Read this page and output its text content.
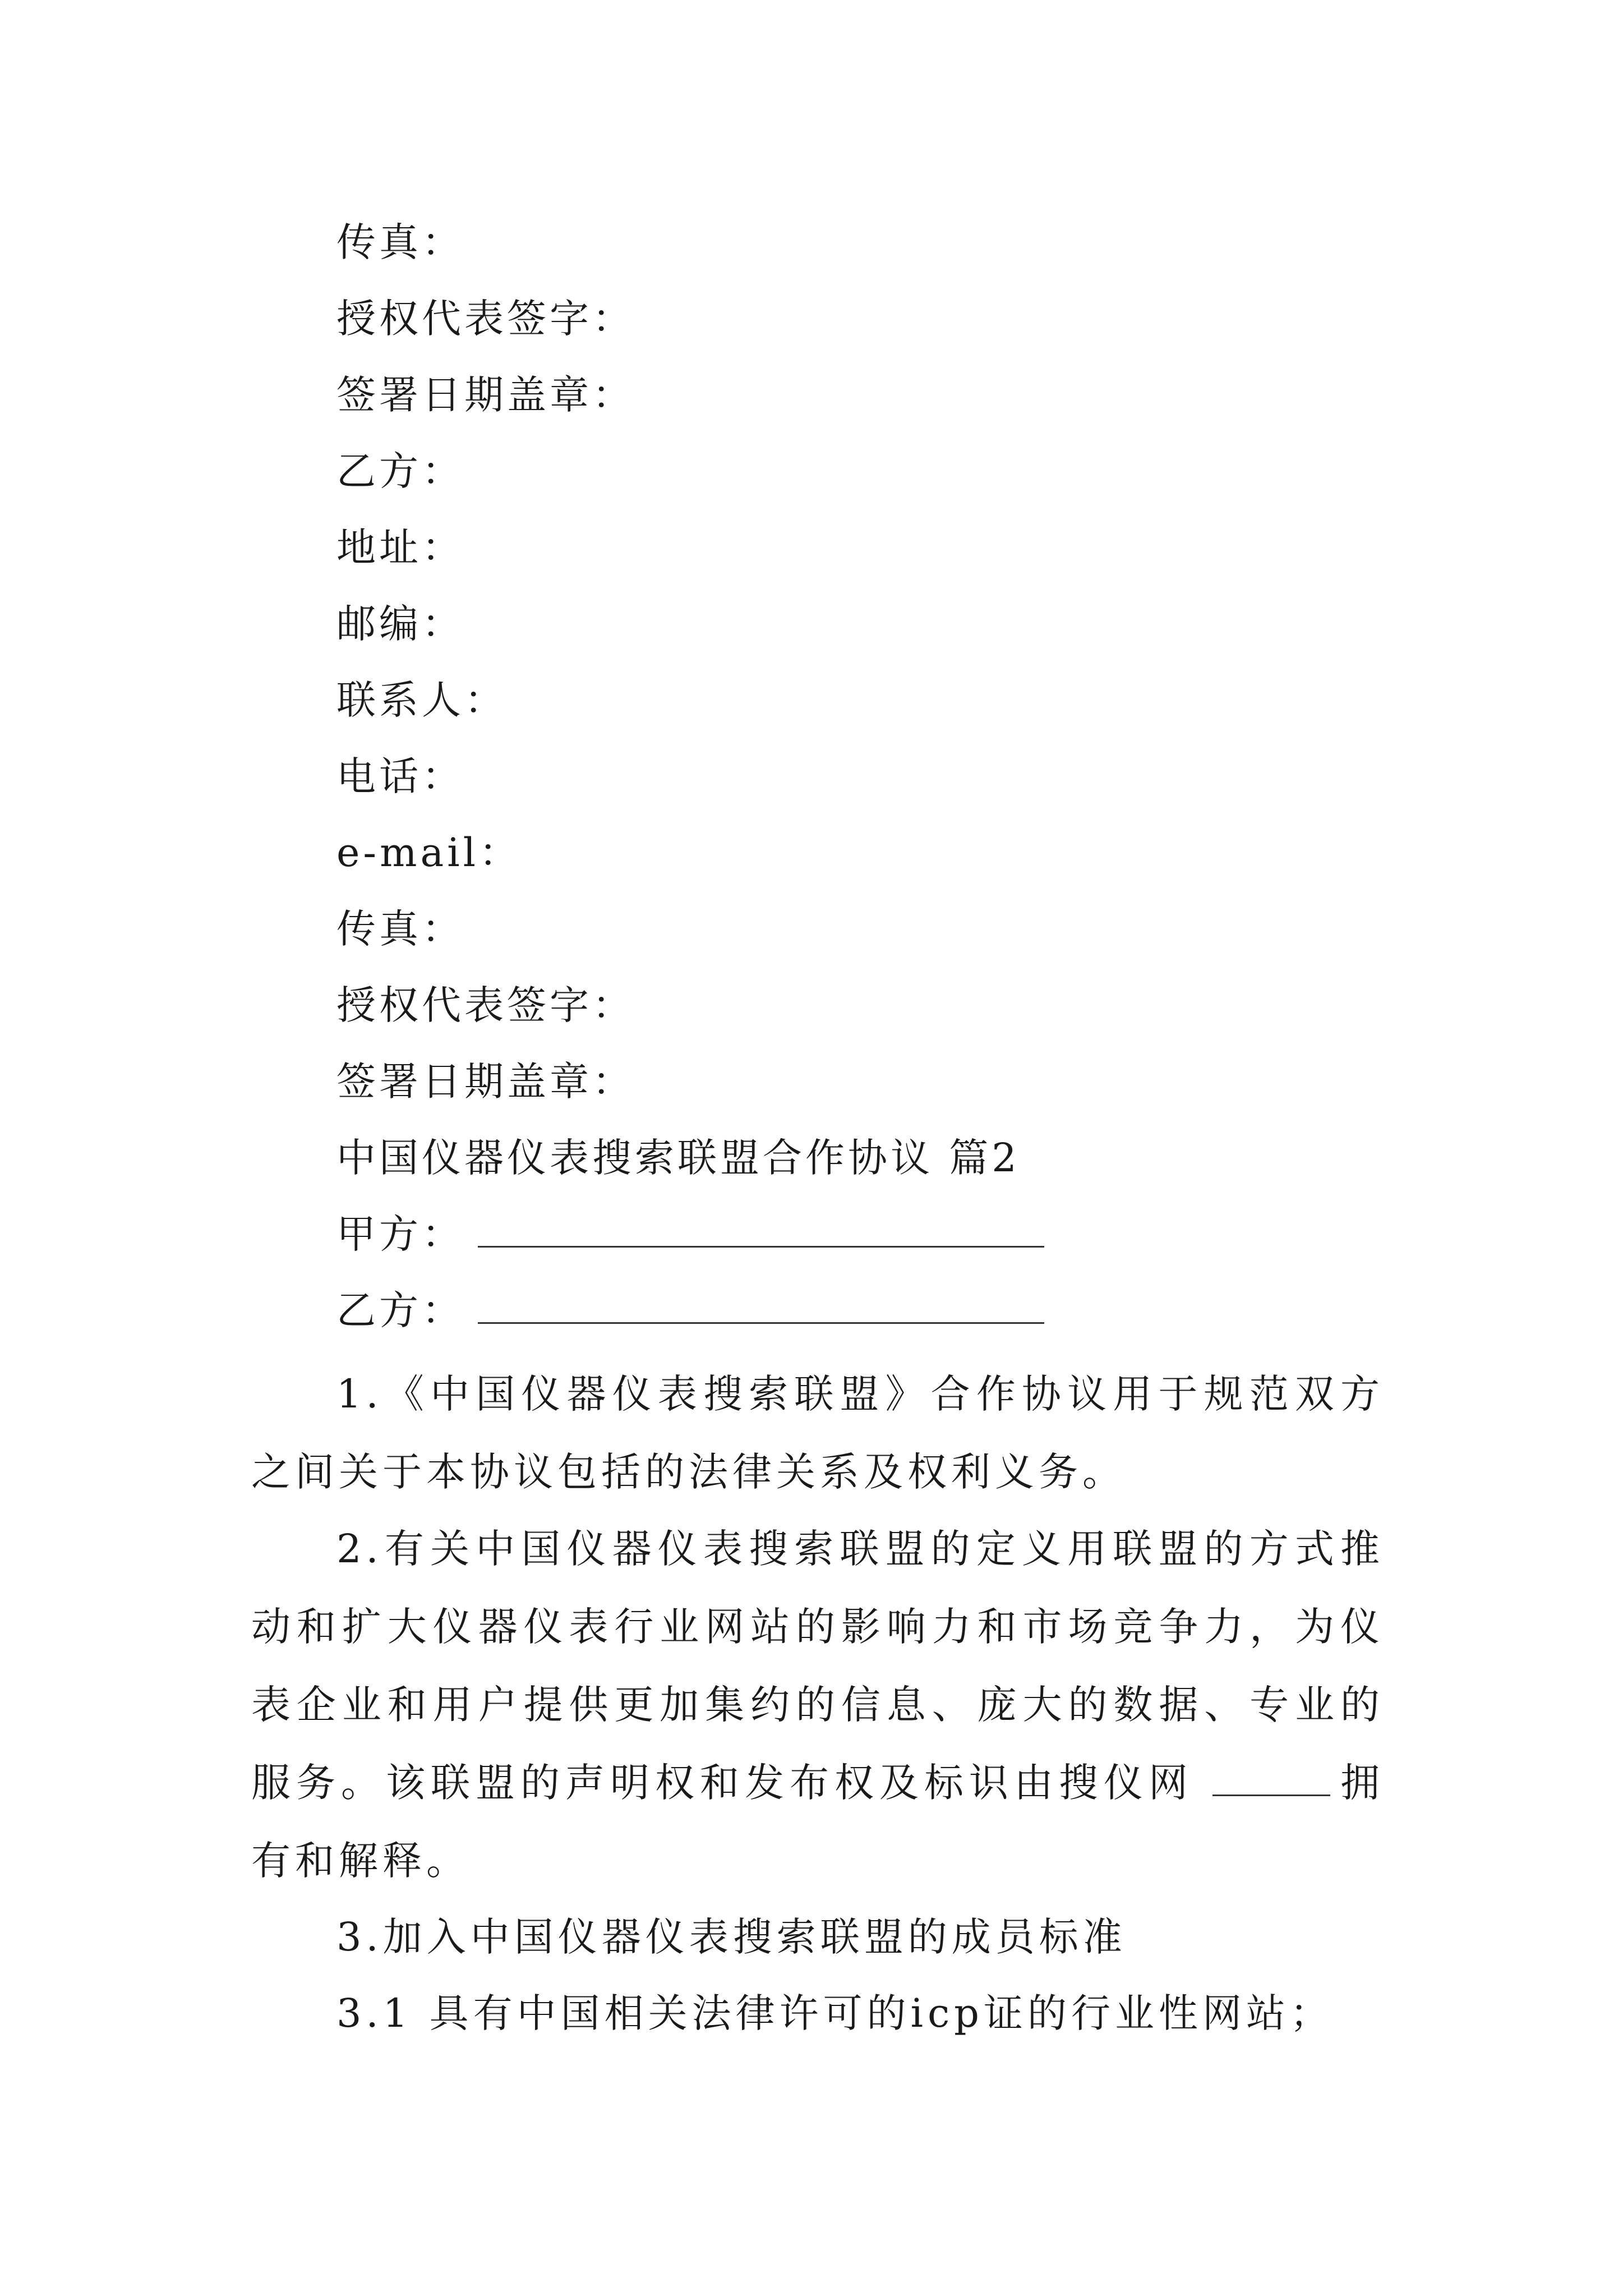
传真：
授权代表签字：
签署日期盖章：
乙方：
地址：
邮编：
联系人：
电话：
e-mail：
传真：
授权代表签字：
签署日期盖章：
中国仪器仪表搜索联盟合作协议 篇2
甲方：
乙方：

1.《中国仪器仪表搜索联盟》合作协议用于规范双方之间关于本协议包括的法律关系及权利义务。

2.有关中国仪器仪表搜索联盟的定义用联盟的方式推动和扩大仪器仪表行业网站的影响力和市场竞争力，为仪表企业和用户提供更加集约的信息、庞大的数据、专业的服务。该联盟的声明权和发布权及标识由搜仪网	拥有和解释。

3.加入中国仪器仪表搜索联盟的成员标准

3.1 具有中国相关法律许可的icp证的行业性网站；
